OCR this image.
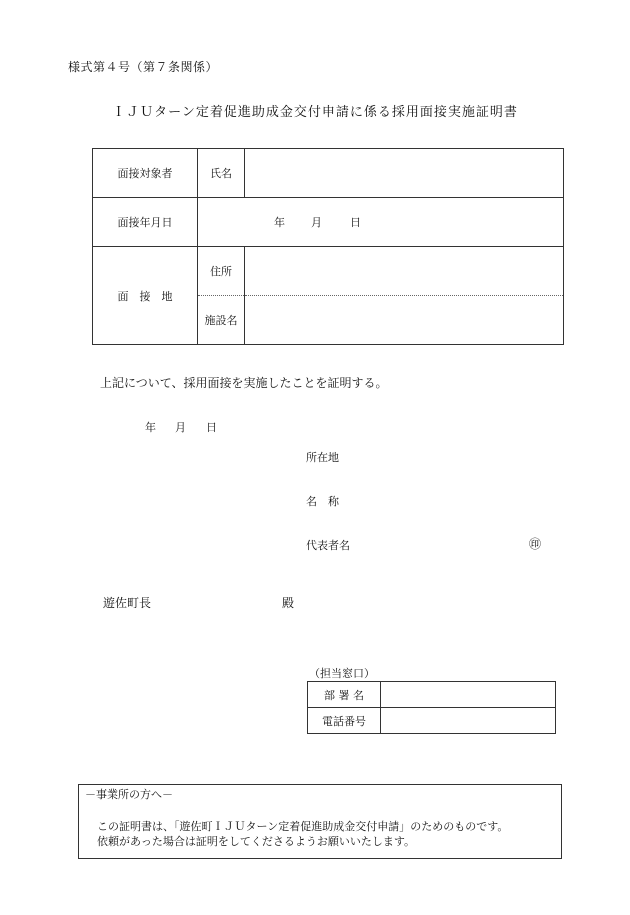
様式第４号（第７条関係）
ＩＪＵターン定着促進助成金交付申請に係る採用面接実施証明書
面接対象者	氏名	
面接年月日	年 月 日	
面　接　地	住所	
	施設名	
上記について、採用面接を実施したことを証明する。
年 月 日
所在地
名　称
代表者名	㊞
遊佐町長	殿
（担当窓口）
部 署 名	
電話番号	
－事業所の方へ－
この証明書は、「遊佐町ＩＪＵターン定着促進助成金交付申請」のためのものです。
依頼があった場合は証明をしてくださるようお願いいたします。
